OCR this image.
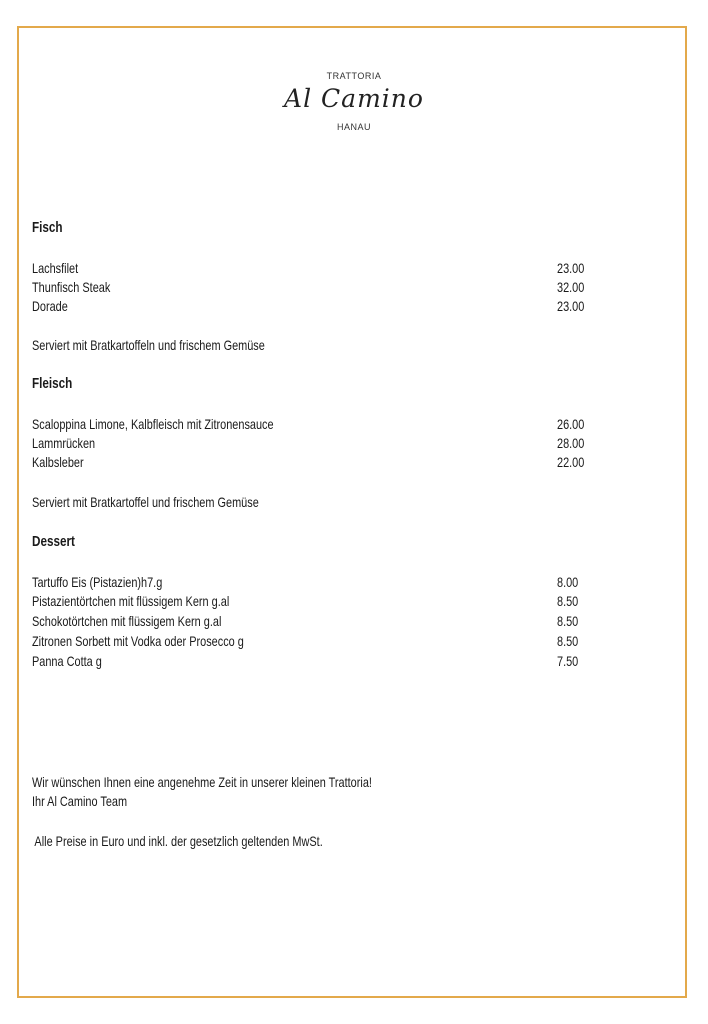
TRATTORIA
Al Camino
HANAU
Fisch
Lachsfilet	23.00
Thunfisch Steak	32.00
Dorade	23.00
Serviert mit Bratkartoffeln und frischem Gemüse
Fleisch
Scaloppina Limone, Kalbfleisch mit Zitronensauce	26.00
Lammrücken	28.00
Kalbsleber	22.00
Serviert mit Bratkartoffel und frischem Gemüse
Dessert
Tartuffo Eis (Pistazien)h7.g	8.00
Pistazientörtchen mit flüssigem Kern g.al	8.50
Schokotörtchen mit flüssigem Kern g.al	8.50
Zitronen Sorbett mit Vodka oder Prosecco g	8.50
Panna Cotta g	7.50
Wir wünschen Ihnen eine angenehme Zeit in unserer kleinen Trattoria!
Ihr Al Camino Team
Alle Preise in Euro und inkl. der gesetzlich geltenden MwSt.
